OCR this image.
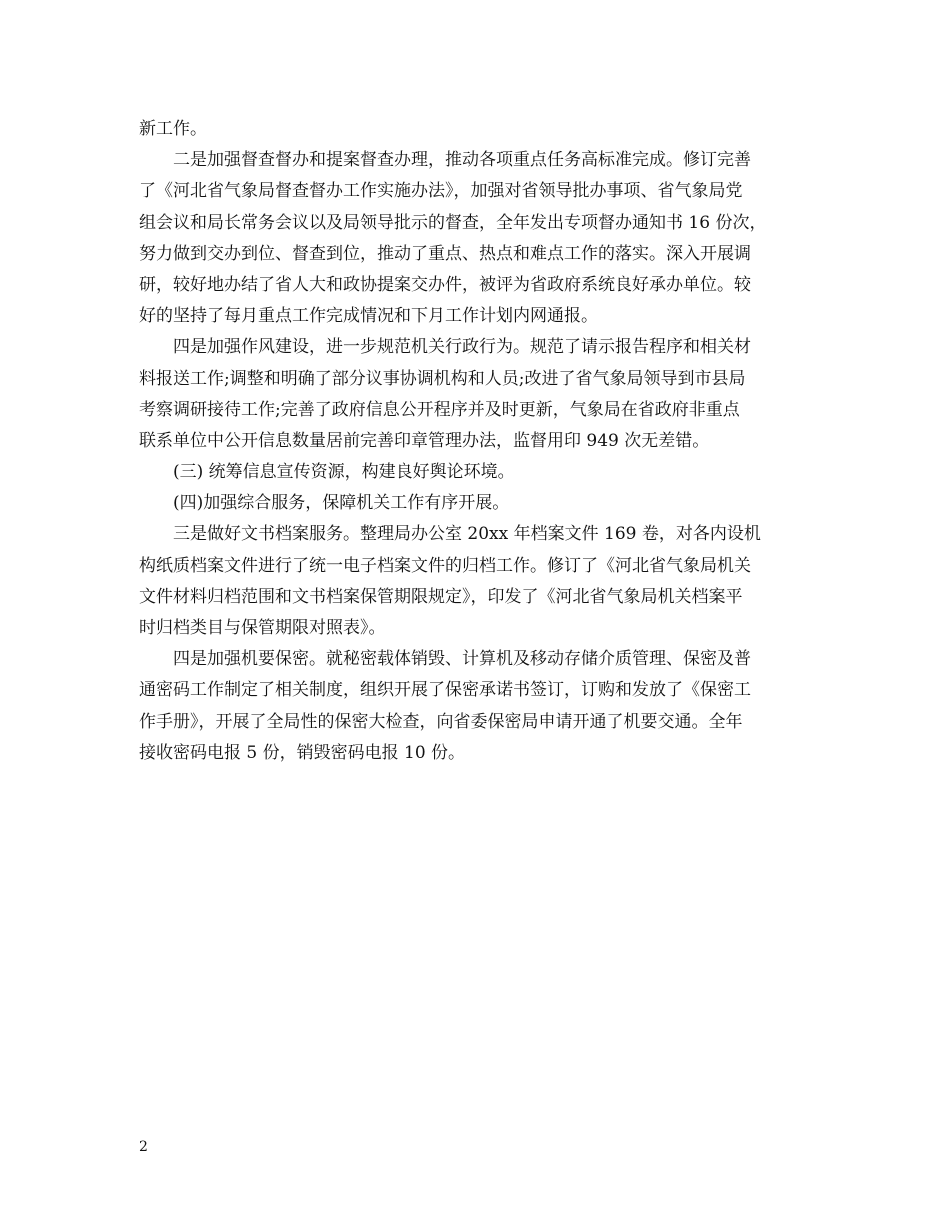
新工作。
二是加强督查督办和提案督查办理，推动各项重点任务高标准完成。修订完善
了《河北省气象局督查督办工作实施办法》，加强对省领导批办事项、省气象局党
组会议和局长常务会议以及局领导批示的督查，全年发出专项督办通知书 16 份次，
努力做到交办到位、督查到位，推动了重点、热点和难点工作的落实。深入开展调
研，较好地办结了省人大和政协提案交办件，被评为省政府系统良好承办单位。较
好的坚持了每月重点工作完成情况和下月工作计划内网通报。
四是加强作风建设，进一步规范机关行政行为。规范了请示报告程序和相关材
料报送工作;调整和明确了部分议事协调机构和人员;改进了省气象局领导到市县局
考察调研接待工作;完善了政府信息公开程序并及时更新，气象局在省政府非重点
联系单位中公开信息数量居前完善印章管理办法，监督用印 949 次无差错。
(三) 统筹信息宣传资源，构建良好舆论环境。
(四)加强综合服务，保障机关工作有序开展。
三是做好文书档案服务。整理局办公室 20xx 年档案文件 169 卷，对各内设机
构纸质档案文件进行了统一电子档案文件的归档工作。修订了《河北省气象局机关
文件材料归档范围和文书档案保管期限规定》，印发了《河北省气象局机关档案平
时归档类目与保管期限对照表》。
四是加强机要保密。就秘密载体销毁、计算机及移动存储介质管理、保密及普
通密码工作制定了相关制度，组织开展了保密承诺书签订，订购和发放了《保密工
作手册》，开展了全局性的保密大检查，向省委保密局申请开通了机要交通。全年
接收密码电报 5 份，销毁密码电报 10 份。
2
